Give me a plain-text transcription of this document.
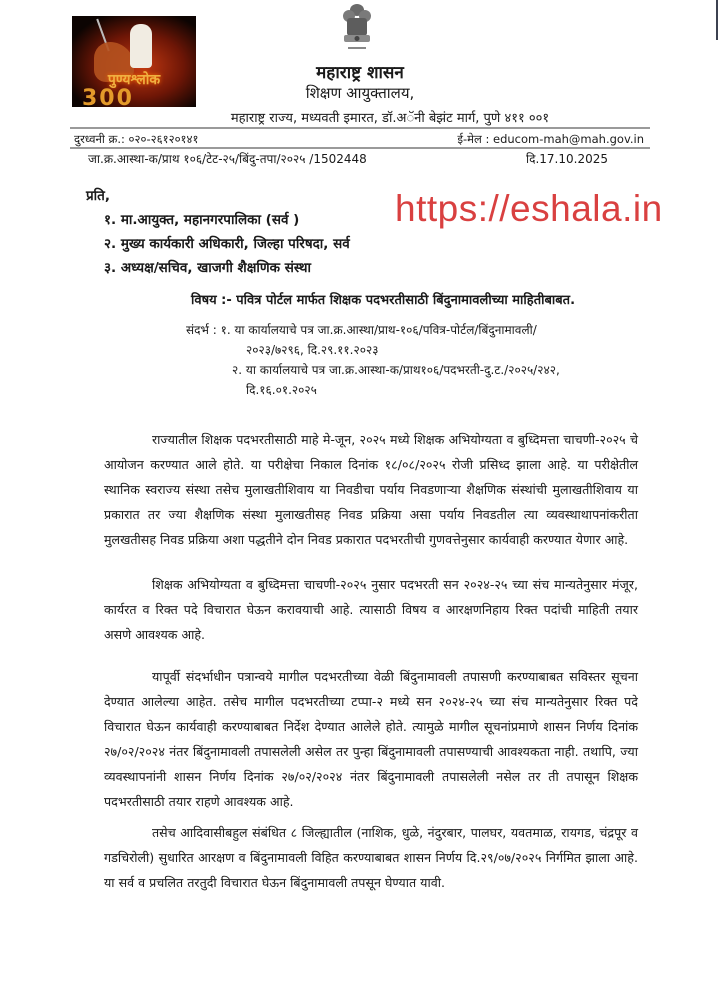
पुण्यश्लोक
300
महाराष्ट्र शासन
शिक्षण आयुक्तालय,
महाराष्ट्र राज्य, मध्यवती इमारत, डॉ.अॅनी बेझंट मार्ग, पुणे ४११ ००१
दुरध्वनी क्र.: ०२०-२६१२०१४१	ई-मेल : educom-mah@mah.gov.in
जा.क्र.आस्था-क/प्राथ १०६/टेट-२५/बिंदु-तपा/२०२५ /1502448	दि.17.10.2025
प्रति,
१. मा.आयुक्त, महानगरपालिका (सर्व )
२. मुख्य कार्यकारी अधिकारी, जिल्हा परिषदा, सर्व
३. अध्यक्ष/सचिव, खाजगी शैक्षणिक संस्था
https://eshala.in
विषय :- पवित्र पोर्टल मार्फत शिक्षक पदभरतीसाठी बिंदुनामावलीच्या माहितीबाबत.
संदर्भ : १. या कार्यालयाचे पत्र जा.क्र.आस्था/प्राथ-१०६/पवित्र-पोर्टल/बिंदुनामावली/
२०२३/७२९६, दि.२९.११.२०२३
२. या कार्यालयाचे पत्र जा.क्र.आस्था-क/प्राथ१०६/पदभरती-दु.ट./२०२५/२४२,
दि.१६.०१.२०२५

राज्यातील शिक्षक पदभरतीसाठी माहे मे-जून, २०२५ मध्ये शिक्षक अभियोग्यता व बुध्दिमत्ता चाचणी-२०२५ चे आयोजन करण्यात आले होते. या परीक्षेचा निकाल दिनांक १८/०८/२०२५ रोजी प्रसिध्द झाला आहे. या परीक्षेतील स्थानिक स्वराज्य संस्था तसेच मुलाखतीशिवाय या निवडीचा पर्याय निवडणाऱ्या शैक्षणिक संस्थांची मुलाखतीशिवाय या प्रकारात तर ज्या शैक्षणिक संस्था मुलाखतीसह निवड प्रक्रिया असा पर्याय निवडतील त्या व्यवस्थाथापनांकरीता मुलखतीसह निवड प्रक्रिया अशा पद्धतीने दोन निवड प्रकारात पदभरतीची गुणवत्तेनुसार कार्यवाही करण्यात येणार आहे.

शिक्षक अभियोग्यता व बुध्दिमत्ता चाचणी-२०२५ नुसार पदभरती सन २०२४-२५ च्या संच मान्यतेनुसार मंजूर, कार्यरत व रिक्त पदे विचारात घेऊन करावयाची आहे. त्यासाठी विषय व आरक्षणनिहाय रिक्त पदांची माहिती तयार असणे आवश्यक आहे.

यापूर्वी संदर्भाधीन पत्रान्वये मागील पदभरतीच्या वेळी बिंदुनामावली तपासणी करण्याबाबत सविस्तर सूचना देण्यात आलेल्या आहेत. तसेच मागील पदभरतीच्या टप्पा-२ मध्ये सन २०२४-२५ च्या संच मान्यतेनुसार रिक्त पदे विचारात घेऊन कार्यवाही करण्याबाबत निर्देश देण्यात आलेले होते. त्यामुळे मागील सूचनांप्रमाणे शासन निर्णय दिनांक २७/०२/२०२४ नंतर बिंदुनामावली तपासलेली असेल तर पुन्हा बिंदुनामावली तपासण्याची आवश्यकता नाही. तथापि, ज्या व्यवस्थापनांनी शासन निर्णय दिनांक २७/०२/२०२४ नंतर बिंदुनामावली तपासलेली नसेल तर ती तपासून शिक्षक पदभरतीसाठी तयार राहणे आवश्यक आहे.

तसेच आदिवासीबहुल संबंधित ८ जिल्ह्यातील (नाशिक, धुळे, नंदुरबार, पालघर, यवतमाळ, रायगड, चंद्रपूर व गडचिरोली) सुधारित आरक्षण व बिंदुनामावली विहित करण्याबाबत शासन निर्णय दि.२९/०७/२०२५ निर्गमित झाला आहे. या सर्व व प्रचलित तरतुदी विचारात घेऊन बिंदुनामावली तपसून घेण्यात यावी.
